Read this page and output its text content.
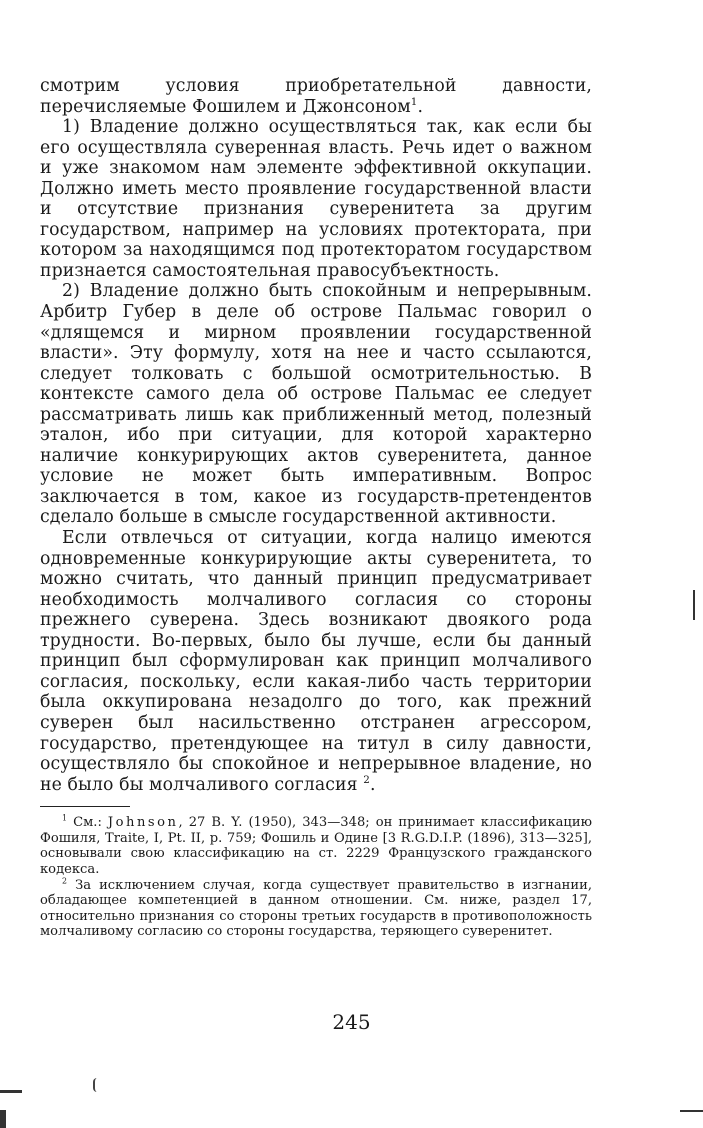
смотрим условия приобретательной давности, перечисляемые Фошилем и Джонсоном$^1$.

1) Владение должно осуществляться так, как если бы его осуществляла суверенная власть. Речь идет о важном и уже знакомом нам элементе эффективной оккупации. Должно иметь место проявление государственной власти и отсутствие признания суверенитета за другим государством, например на условиях протектората, при котором за находящимся под протекторатом государством признается самостоятельная правосубъектность.

2) Владение должно быть спокойным и непрерывным. Арбитр Губер в деле об острове Пальмас говорил о «длящемся и мирном проявлении государственной власти». Эту формулу, хотя на нее и часто ссылаются, следует толковать с большой осмотрительностью. В контексте самого дела об острове Пальмас ее следует рассматривать лишь как приближенный метод, полезный эталон, ибо при ситуации, для которой характерно наличие конкурирующих актов суверенитета, данное условие не может быть императивным. Вопрос заключается в том, какое из государств-претендентов сделало больше в смысле государственной активности.

Если отвлечься от ситуации, когда налицо имеются одновременные конкурирующие акты суверенитета, то можно считать, что данный принцип предусматривает необходимость молчаливого согласия со стороны прежнего суверена. Здесь возникают двоякого рода трудности. Во-первых, было бы лучше, если бы данный принцип был сформулирован как принцип молчаливого согласия, поскольку, если какая-либо часть территории была оккупирована незадолго до того, как прежний суверен был насильственно отстранен агрессором, государство, претендующее на титул в силу давности, осуществляло бы спокойное и непрерывное владение, но не было бы молчаливого согласия $^2$.

$^1$ См.: Johnson, 27 B. Y. (1950), 343—348; он принимает классификацию Фошиля, Traite, I, Pt. II, p. 759; Фошиль и Одине [3 R.G.D.I.P. (1896), 313—325], основывали свою классификацию на ст. 2229 Французского гражданского кодекса.

$^2$ За исключением случая, когда существует правительство в изгнании, обладающее компетенцией в данном отношении. См. ниже, раздел 17, относительно признания со стороны третьих государств в противоположность молчаливому согласию со стороны государства, теряющего суверенитет.

245
